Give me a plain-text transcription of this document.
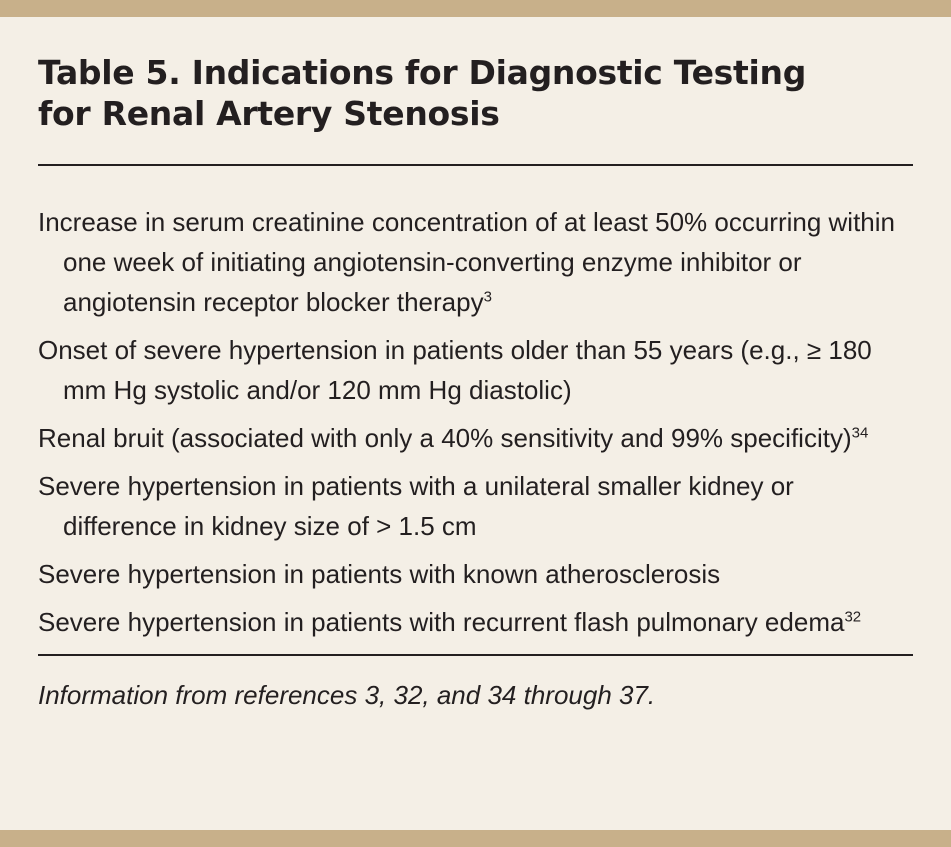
Table 5. Indications for Diagnostic Testing
for Renal Artery Stenosis
Increase in serum creatinine concentration of at least 50% occurring within one week of initiating angiotensin-converting enzyme inhibitor or angiotensin receptor blocker therapy$^3$
Onset of severe hypertension in patients older than 55 years (e.g., ≥ 180 mm Hg systolic and/or 120 mm Hg diastolic)
Renal bruit (associated with only a 40% sensitivity and 99% specificity)$^{34}$
Severe hypertension in patients with a unilateral smaller kidney or difference in kidney size of > 1.5 cm
Severe hypertension in patients with known atherosclerosis
Severe hypertension in patients with recurrent flash pulmonary edema$^{32}$
Information from references 3, 32, and 34 through 37.
